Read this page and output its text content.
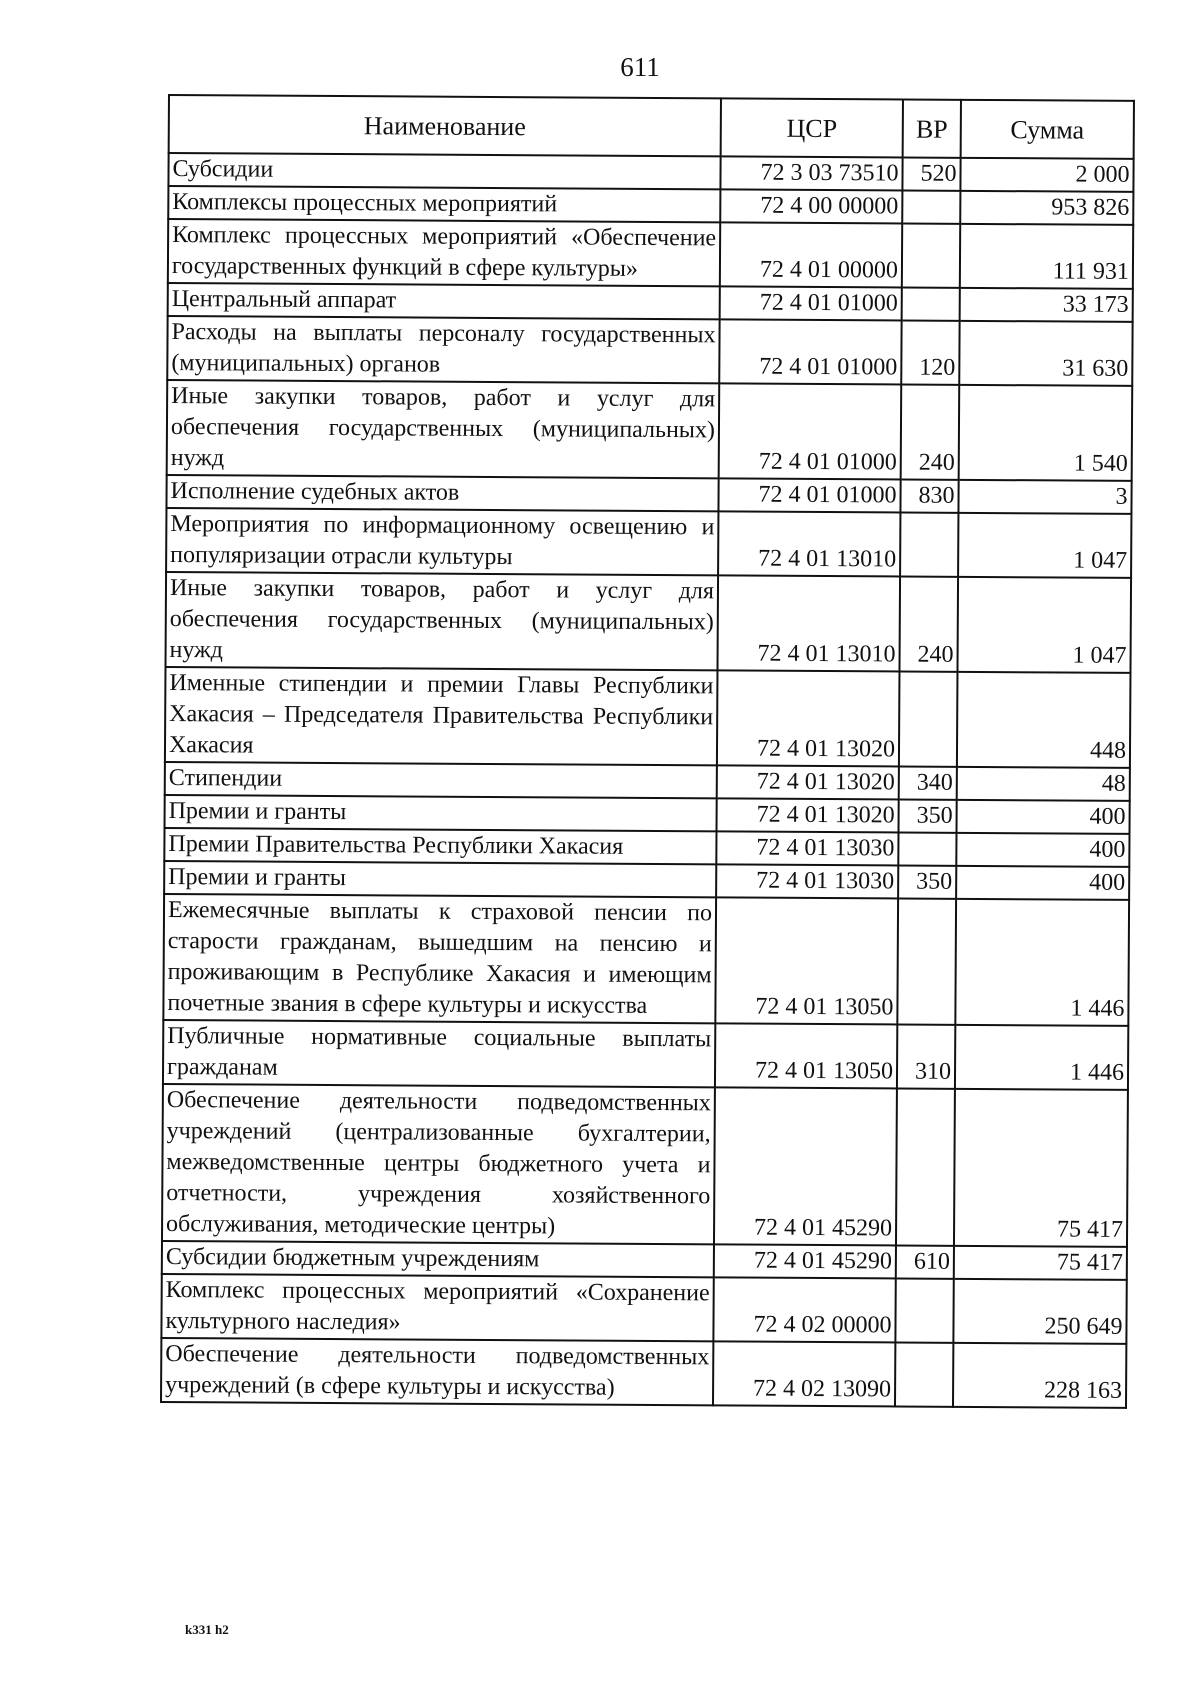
611
Наименование	ЦСР	ВР	Сумма
Субсидии	72 3 03 73510	520	2 000
Комплексы процессных мероприятий	72 4 00 00000		953 826
Комплекс процессных мероприятий «Обеспечение государственных функций в сфере культуры»	72 4 01 00000		111 931
Центральный аппарат	72 4 01 01000		33 173
Расходы на выплаты персоналу государственных (муниципальных) органов	72 4 01 01000	120	31 630
Иные закупки товаров, работ и услуг для обеспечения государственных (муниципальных) нужд	72 4 01 01000	240	1 540
Исполнение судебных актов	72 4 01 01000	830	3
Мероприятия по информационному освещению и популяризации отрасли культуры	72 4 01 13010		1 047
Иные закупки товаров, работ и услуг для обеспечения государственных (муниципальных) нужд	72 4 01 13010	240	1 047
Именные стипендии и премии Главы Республики Хакасия – Председателя Правительства Республики Хакасия	72 4 01 13020		448
Стипендии	72 4 01 13020	340	48
Премии и гранты	72 4 01 13020	350	400
Премии Правительства Республики Хакасия	72 4 01 13030		400
Премии и гранты	72 4 01 13030	350	400
Ежемесячные выплаты к страховой пенсии по старости гражданам, вышедшим на пенсию и проживающим в Республике Хакасия и имеющим почетные звания в сфере культуры и искусства	72 4 01 13050		1 446
Публичные нормативные социальные выплаты гражданам	72 4 01 13050	310	1 446
Обеспечение деятельности подведомственных учреждений (централизованные бухгалтерии, межведомственные центры бюджетного учета и отчетности, учреждения хозяйственного обслуживания, методические центры)	72 4 01 45290		75 417
Субсидии бюджетным учреждениям	72 4 01 45290	610	75 417
Комплекс процессных мероприятий «Сохранение культурного наследия»	72 4 02 00000		250 649
Обеспечение деятельности подведомственных учреждений (в сфере культуры и искусства)	72 4 02 13090		228 163
k331 h2
